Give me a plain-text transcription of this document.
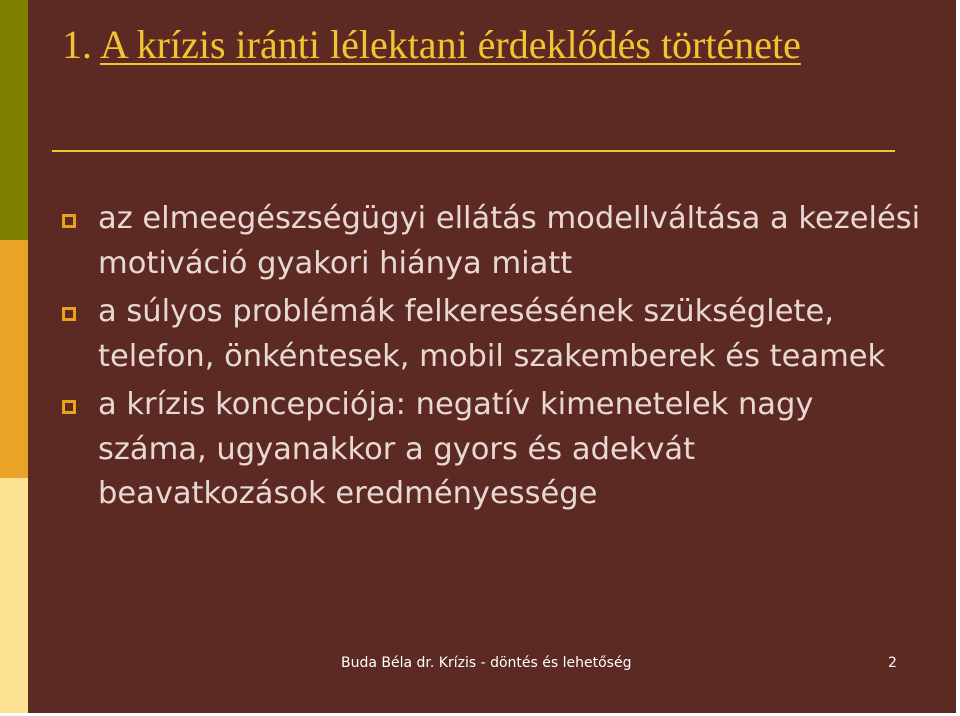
1. A krízis iránti lélektani érdeklődés története
az elmeegészségügyi ellátás modellváltása a kezelési motiváció gyakori hiánya miatt
a súlyos problémák felkeresésének szükséglete, telefon, önkéntesek, mobil szakemberek és teamek
a krízis koncepciója: negatív kimenetelek nagy száma, ugyanakkor a gyors és adekvát beavatkozások eredményessége
Buda Béla dr. Krízis - döntés és lehetőség	2
